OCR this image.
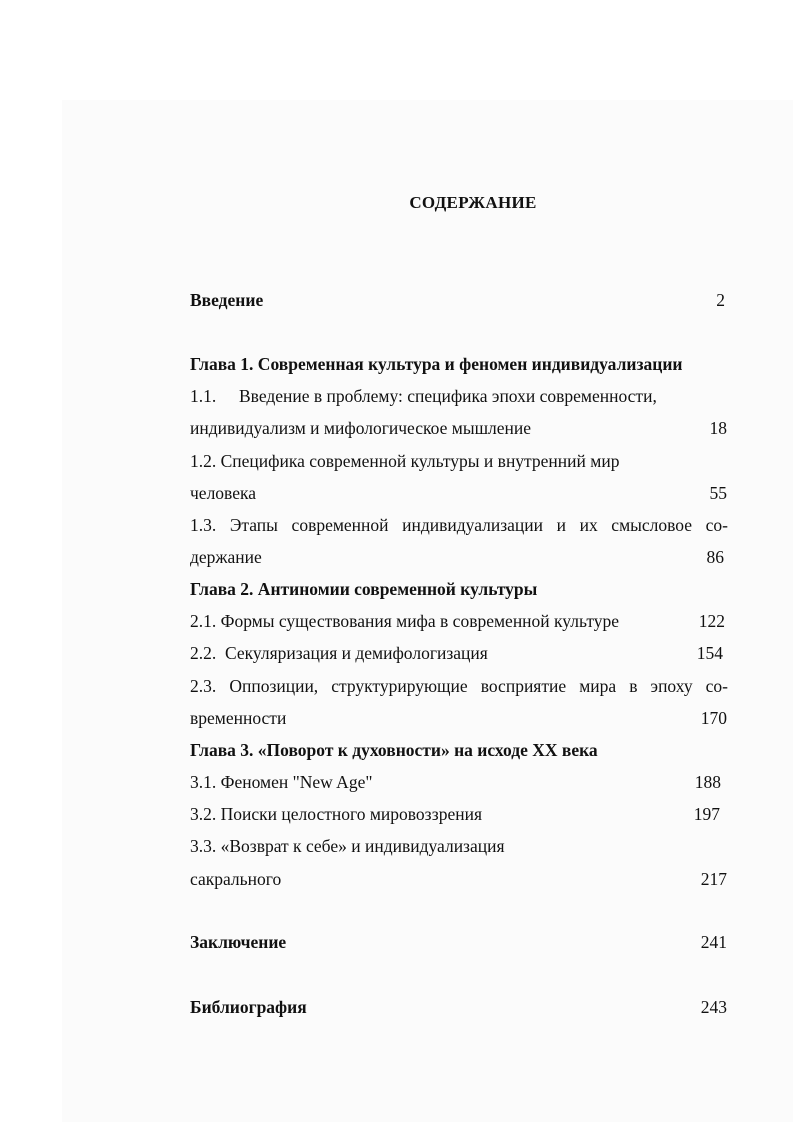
СОДЕРЖАНИЕ
Введение	2
Глава 1. Современная культура и феномен индивидуализации
1.1. Введение в проблему: специфика эпохи современности,
индивидуализм и мифологическое мышление	18
1.2. Специфика современной культуры и внутренний мир
человека	55
1.3. Этапы современной индивидуализации и их смысловое со-
держание	86
Глава 2. Антиномии современной культуры
2.1. Формы существования мифа в современной культуре	122
2.2.  Секуляризация и демифологизация	154
2.3. Оппозиции, структурирующие восприятие мира в эпоху со-
временности	170
Глава 3. «Поворот к духовности» на исходе XX века
3.1. Феномен "New Age"	188
3.2. Поиски целостного мировоззрения	197
3.3. «Возврат к себе» и индивидуализация
сакрального	217
Заключение	241
Библиография	243
